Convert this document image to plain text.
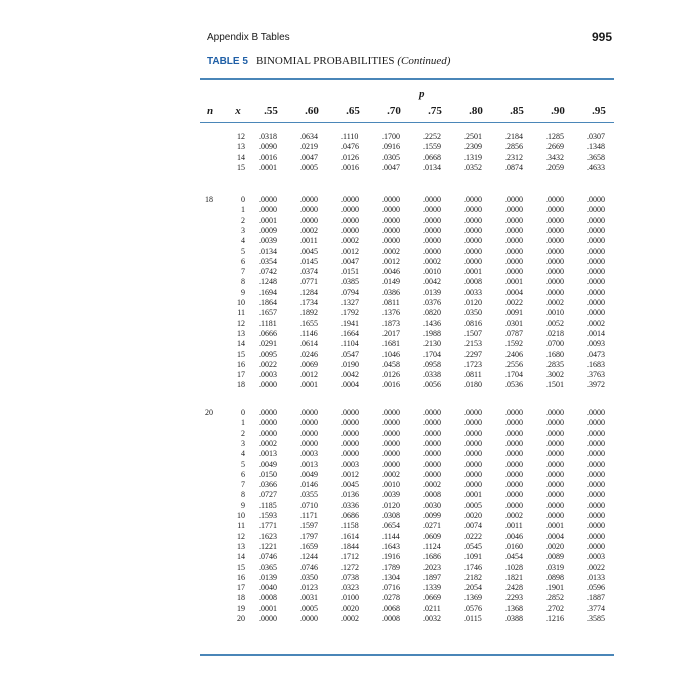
Appendix B Tables	995
TABLE 5 BINOMIAL PROBABILITIES (Continued)
p
n	x	.55	.60	.65	.70	.75	.80	.85	.90	.95
12 .0318	.0634	.1110	.1700	.2252	.2501	.2184	.1285	.0307
13 .0090	.0219	.0476	.0916	.1559	.2309	.2856	.2669	.1348
14 .0016	.0047	.0126	.0305	.0668	.1319	.2312	.3432	.3658
15 .0001	.0005	.0016	.0047	.0134	.0352	.0874	.2059	.4633
18	0 .0000	.0000	.0000	.0000	.0000	.0000	.0000	.0000	.0000
1 .0000	.0000	.0000	.0000	.0000	.0000	.0000	.0000	.0000
2 .0001	.0000	.0000	.0000	.0000	.0000	.0000	.0000	.0000
3 .0009	.0002	.0000	.0000	.0000	.0000	.0000	.0000	.0000
4 .0039	.0011	.0002	.0000	.0000	.0000	.0000	.0000	.0000
5 .0134	.0045	.0012	.0002	.0000	.0000	.0000	.0000	.0000
6 .0354	.0145	.0047	.0012	.0002	.0000	.0000	.0000	.0000
7 .0742	.0374	.0151	.0046	.0010	.0001	.0000	.0000	.0000
8 .1248	.0771	.0385	.0149	.0042	.0008	.0001	.0000	.0000
9 .1694	.1284	.0794	.0386	.0139	.0033	.0004	.0000	.0000
10 .1864	.1734	.1327	.0811	.0376	.0120	.0022	.0002	.0000
11 .1657	.1892	.1792	.1376	.0820	.0350	.0091	.0010	.0000
12 .1181	.1655	.1941	.1873	.1436	.0816	.0301	.0052	.0002
13 .0666	.1146	.1664	.2017	.1988	.1507	.0787	.0218	.0014
14 .0291	.0614	.1104	.1681	.2130	.2153	.1592	.0700	.0093
15 .0095	.0246	.0547	.1046	.1704	.2297	.2406	.1680	.0473
16 .0022	.0069	.0190	.0458	.0958	.1723	.2556	.2835	.1683
17 .0003	.0012	.0042	.0126	.0338	.0811	.1704	.3002	.3763
18 .0000	.0001	.0004	.0016	.0056	.0180	.0536	.1501	.3972
20	0 .0000	.0000	.0000	.0000	.0000	.0000	.0000	.0000	.0000
1 .0000	.0000	.0000	.0000	.0000	.0000	.0000	.0000	.0000
2 .0000	.0000	.0000	.0000	.0000	.0000	.0000	.0000	.0000
3 .0002	.0000	.0000	.0000	.0000	.0000	.0000	.0000	.0000
4 .0013	.0003	.0000	.0000	.0000	.0000	.0000	.0000	.0000
5 .0049	.0013	.0003	.0000	.0000	.0000	.0000	.0000	.0000
6 .0150	.0049	.0012	.0002	.0000	.0000	.0000	.0000	.0000
7 .0366	.0146	.0045	.0010	.0002	.0000	.0000	.0000	.0000
8 .0727	.0355	.0136	.0039	.0008	.0001	.0000	.0000	.0000
9 .1185	.0710	.0336	.0120	.0030	.0005	.0000	.0000	.0000
10 .1593	.1171	.0686	.0308	.0099	.0020	.0002	.0000	.0000
11 .1771	.1597	.1158	.0654	.0271	.0074	.0011	.0001	.0000
12 .1623	.1797	.1614	.1144	.0609	.0222	.0046	.0004	.0000
13 .1221	.1659	.1844	.1643	.1124	.0545	.0160	.0020	.0000
14 .0746	.1244	.1712	.1916	.1686	.1091	.0454	.0089	.0003
15 .0365	.0746	.1272	.1789	.2023	.1746	.1028	.0319	.0022
16 .0139	.0350	.0738	.1304	.1897	.2182	.1821	.0898	.0133
17 .0040	.0123	.0323	.0716	.1339	.2054	.2428	.1901	.0596
18 .0008	.0031	.0100	.0278	.0669	.1369	.2293	.2852	.1887
19 .0001	.0005	.0020	.0068	.0211	.0576	.1368	.2702	.3774
20 .0000	.0000	.0002	.0008	.0032	.0115	.0388	.1216	.3585
